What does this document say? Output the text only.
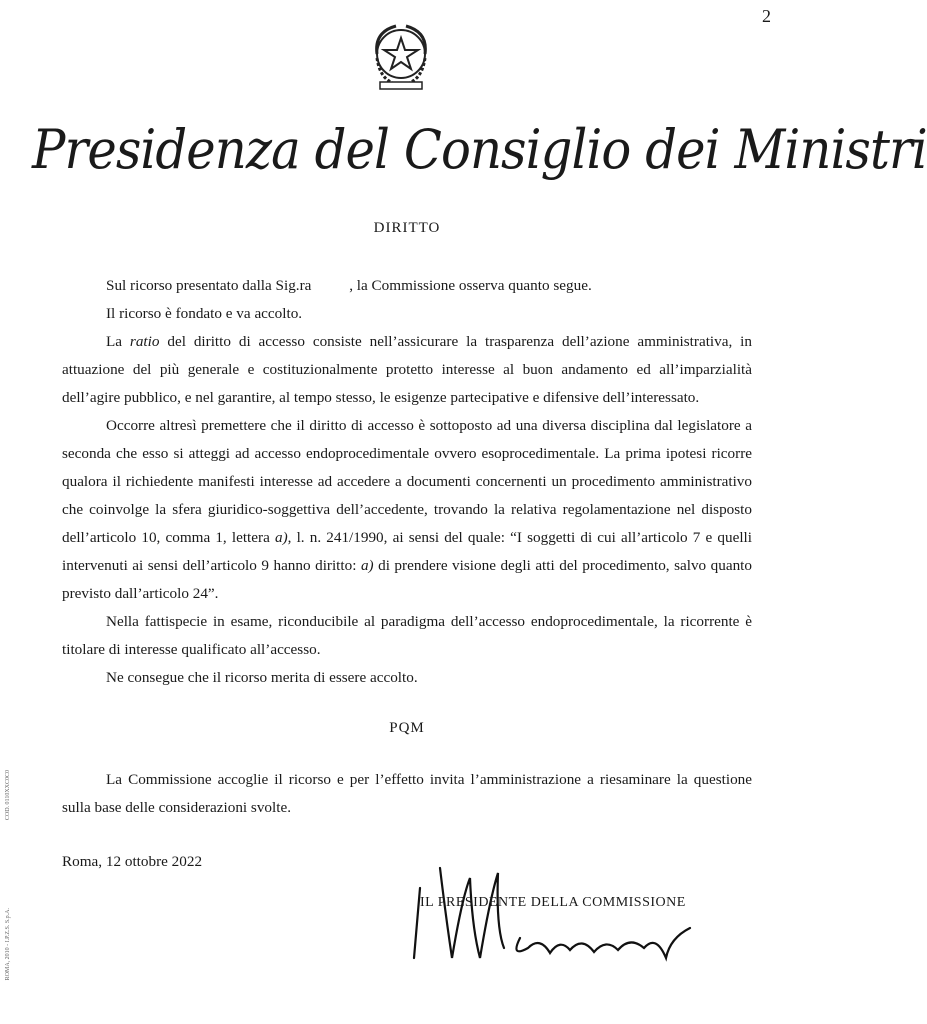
2
Presidenza del Consiglio dei Ministri
DIRITTO

Sul ricorso presentato dalla Sig.ra , la Commissione osserva quanto segue.

Il ricorso è fondato e va accolto.

La ratio del diritto di accesso consiste nell’assicurare la trasparenza dell’azione amministrativa, in attuazione del più generale e costituzionalmente protetto interesse al buon andamento ed all’imparzialità dell’agire pubblico, e nel garantire, al tempo stesso, le esigenze partecipative e difensive dell’interessato.

Occorre altresì premettere che il diritto di accesso è sottoposto ad una diversa disciplina dal legislatore a seconda che esso si atteggi ad accesso endoprocedimentale ovvero esoprocedimentale. La prima ipotesi ricorre qualora il richiedente manifesti interesse ad accedere a documenti concernenti un procedimento amministrativo che coinvolge la sfera giuridico-soggettiva dell’accedente, trovando la relativa regolamentazione nel disposto dell’articolo 10, comma 1, lettera a), l. n. 241/1990, ai sensi del quale: “I soggetti di cui all’articolo 7 e quelli intervenuti ai sensi dell’articolo 9 hanno diritto: a) di prendere visione degli atti del procedimento, salvo quanto previsto dall’articolo 24”.

Nella fattispecie in esame, riconducibile al paradigma dell’accesso endoprocedimentale, la ricorrente è titolare di interesse qualificato all’accesso.

Ne consegue che il ricorso merita di essere accolto.

PQM

La Commissione accoglie il ricorso e per l’effetto invita l’amministrazione a riesaminare la questione sulla base delle considerazioni svolte.

Roma, 12 ottobre 2022
IL PRESIDENTE DELLA COMMISSIONE
COD. 0110XXC0C0
ROMA, 2010 - I.P.Z.S. S.p.A.
